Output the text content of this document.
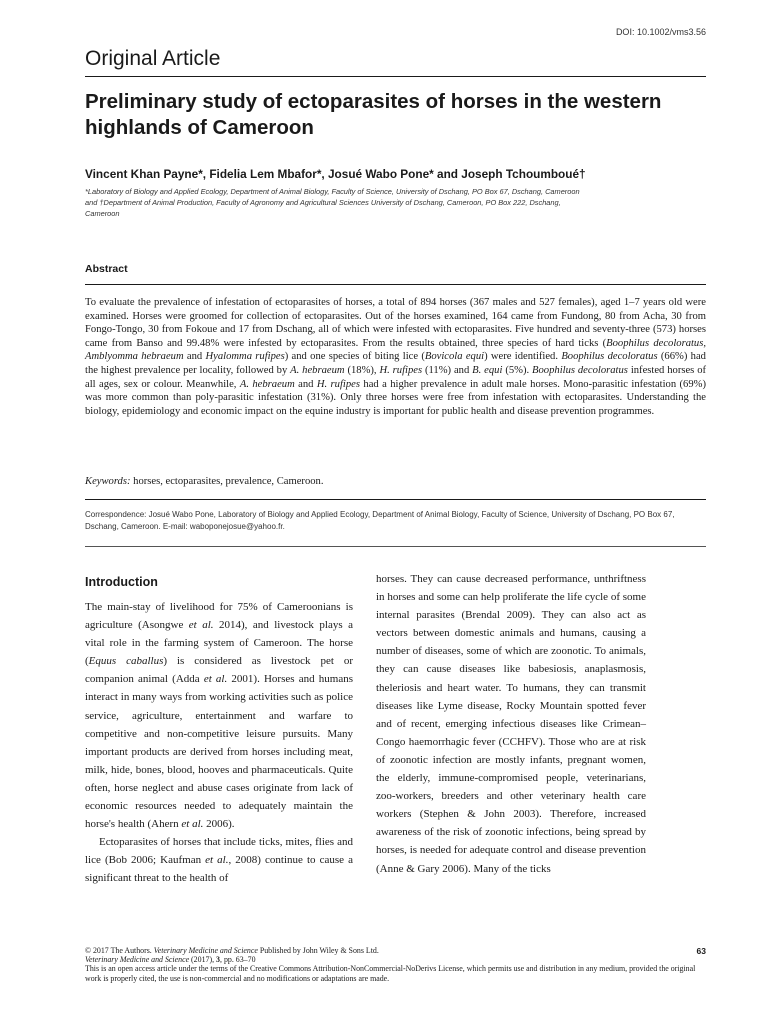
DOI: 10.1002/vms3.56
Original Article
Preliminary study of ectoparasites of horses in the western highlands of Cameroon
Vincent Khan Payne*, Fidelia Lem Mbafor*, Josué Wabo Pone* and Joseph Tchoumboué†
*Laboratory of Biology and Applied Ecology, Department of Animal Biology, Faculty of Science, University of Dschang, PO Box 67, Dschang, Cameroon
and †Department of Animal Production, Faculty of Agronomy and Agricultural Sciences University of Dschang, Cameroon, PO Box 222, Dschang,
Cameroon
Abstract

To evaluate the prevalence of infestation of ectoparasites of horses, a total of 894 horses (367 males and 527 females), aged 1–7 years old were examined. Horses were groomed for collection of ectoparasites. Out of the horses examined, 164 came from Fundong, 80 from Acha, 30 from Fongo-Tongo, 30 from Fokoue and 17 from Dschang, all of which were infested with ectoparasites. Five hundred and seventy-three (573) horses came from Banso and 99.48% were infested by ectoparasites. From the results obtained, three species of hard ticks (Boophilus decoloratus, Amblyomma hebraeum and Hyalomma rufipes) and one species of biting lice (Bovicola equi) were identified. Boophilus decoloratus (66%) had the highest prevalence per locality, followed by A. hebraeum (18%), H. rufipes (11%) and B. equi (5%). Boophilus decoloratus infested horses of all ages, sex or colour. Meanwhile, A. hebraeum and H. rufipes had a higher prevalence in adult male horses. Mono-parasitic infestation (69%) was more common than poly-parasitic infestation (31%). Only three horses were free from infestation with ectoparasites. Understanding the biology, epidemiology and economic impact on the equine industry is important for public health and disease prevention programmes.

Keywords: horses, ectoparasites, prevalence, Cameroon.

Correspondence: Josué Wabo Pone, Laboratory of Biology and Applied Ecology, Department of Animal Biology, Faculty of Science, University of Dschang, PO Box 67, Dschang, Cameroon. E-mail: waboponejosue@yahoo.fr.

Introduction

The main-stay of livelihood for 75% of Cameroonians is agriculture (Asongwe et al. 2014), and livestock plays a vital role in the farming system of Cameroon. The horse (Equus caballus) is considered as livestock pet or companion animal (Adda et al. 2001). Horses and humans interact in many ways from working activities such as police service, agriculture, entertainment and warfare to competitive and non-competitive leisure pursuits. Many important products are derived from horses including meat, milk, hide, bones, blood, hooves and pharmaceuticals. Quite often, horse neglect and abuse cases originate from lack of economic resources needed to adequately maintain the horse's health (Ahern et al. 2006).

Ectoparasites of horses that include ticks, mites, flies and lice (Bob 2006; Kaufman et al., 2008) continue to cause a significant threat to the health of

horses. They can cause decreased performance, unthriftness in horses and some can help proliferate the life cycle of some internal parasites (Brendal 2009). They can also act as vectors between domestic animals and humans, causing a number of diseases, some of which are zoonotic. To animals, they can cause diseases like babesiosis, anaplasmosis, theleriosis and heart water. To humans, they can transmit diseases like Lyme disease, Rocky Mountain spotted fever and of recent, emerging infectious diseases like Crimean–Congo haemorrhagic fever (CCHFV). Those who are at risk of zoonotic infection are mostly infants, pregnant women, the elderly, immune-compromised people, veterinarians, zoo-workers, breeders and other veterinary health care workers (Stephen & John 2003). Therefore, increased awareness of the risk of zoonotic infections, being spread by horses, is needed for adequate control and disease prevention (Anne & Gary 2006). Many of the ticks

© 2017 The Authors. Veterinary Medicine and Science Published by John Wiley & Sons Ltd.
Veterinary Medicine and Science (2017), 3, pp. 63–70
This is an open access article under the terms of the Creative Commons Attribution-NonCommercial-NoDerivs License, which permits use and distribution in any medium, provided the original work is properly cited, the use is non-commercial and no modifications or adaptations are made.
63
